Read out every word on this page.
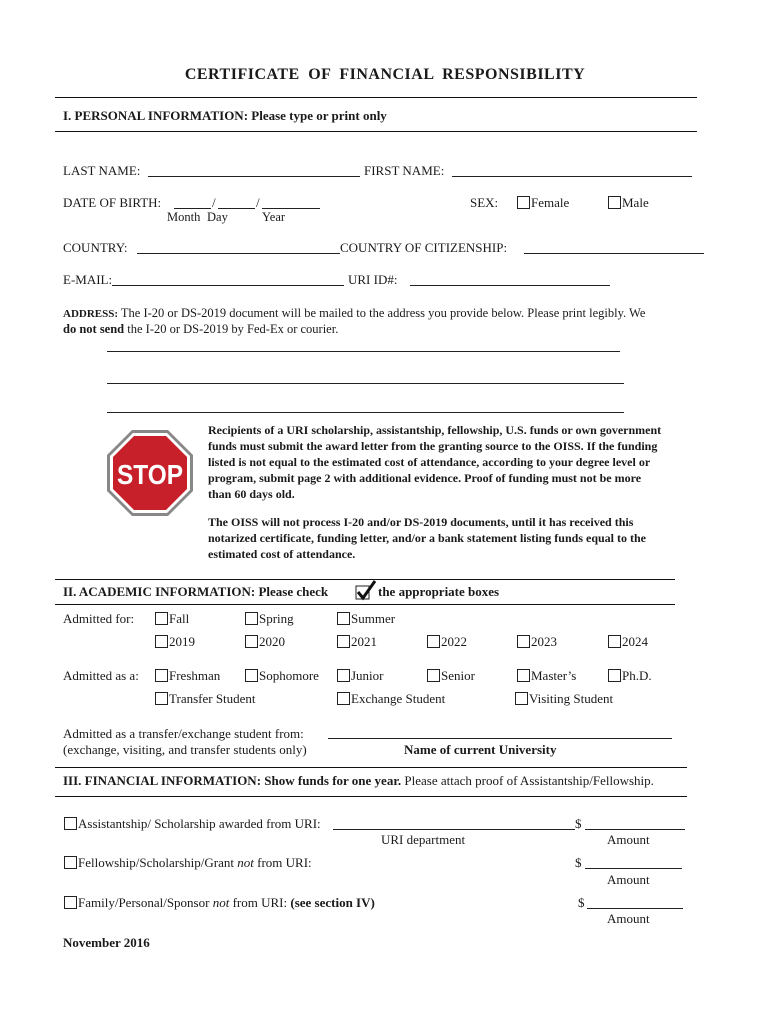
CERTIFICATE OF FINANCIAL RESPONSIBILITY
I. PERSONAL INFORMATION: Please type or print only
LAST NAME:	FIRST NAME:
DATE OF BIRTH:	/	/
Month Day	Year
SEX:	Female	Male
COUNTRY:	COUNTRY OF CITIZENSHIP:
E-MAIL:	URI ID#:
ADDRESS: The I-20 or DS-2019 document will be mailed to the address you provide below. Please print legibly. We
do not send the I-20 or DS-2019 by Fed-Ex or courier.
STOP
Recipients of a URI scholarship, assistantship, fellowship, U.S. funds or own government funds must submit the award letter from the granting source to the OISS. If the funding listed is not equal to the estimated cost of attendance, according to your degree level or program, submit page 2 with additional evidence. Proof of funding must not be more than 60 days old.
The OISS will not process I-20 and/or DS-2019 documents, until it has received this notarized certificate, funding letter, and/or a bank statement listing funds equal to the estimated cost of attendance.
II. ACADEMIC INFORMATION: Please check	the appropriate boxes
Admitted for:	Fall	Spring	Summer
2019	2020	2021	2022	2023	2024
Admitted as a: Freshman	Sophomore Junior	Senior	Master’s	Ph.D.
Transfer Student	Exchange Student	Visiting Student
Admitted as a transfer/exchange student from:
(exchange, visiting, and transfer students only)	Name of current University
III. FINANCIAL INFORMATION: Show funds for one year. Please attach proof of Assistantship/Fellowship.
Assistantship/ Scholarship awarded from URI:	$
URI department	Amount
Fellowship/Scholarship/Grant not from URI:	$
Amount
Family/Personal/Sponsor not from URI: (see section IV)	$
Amount
November 2016
